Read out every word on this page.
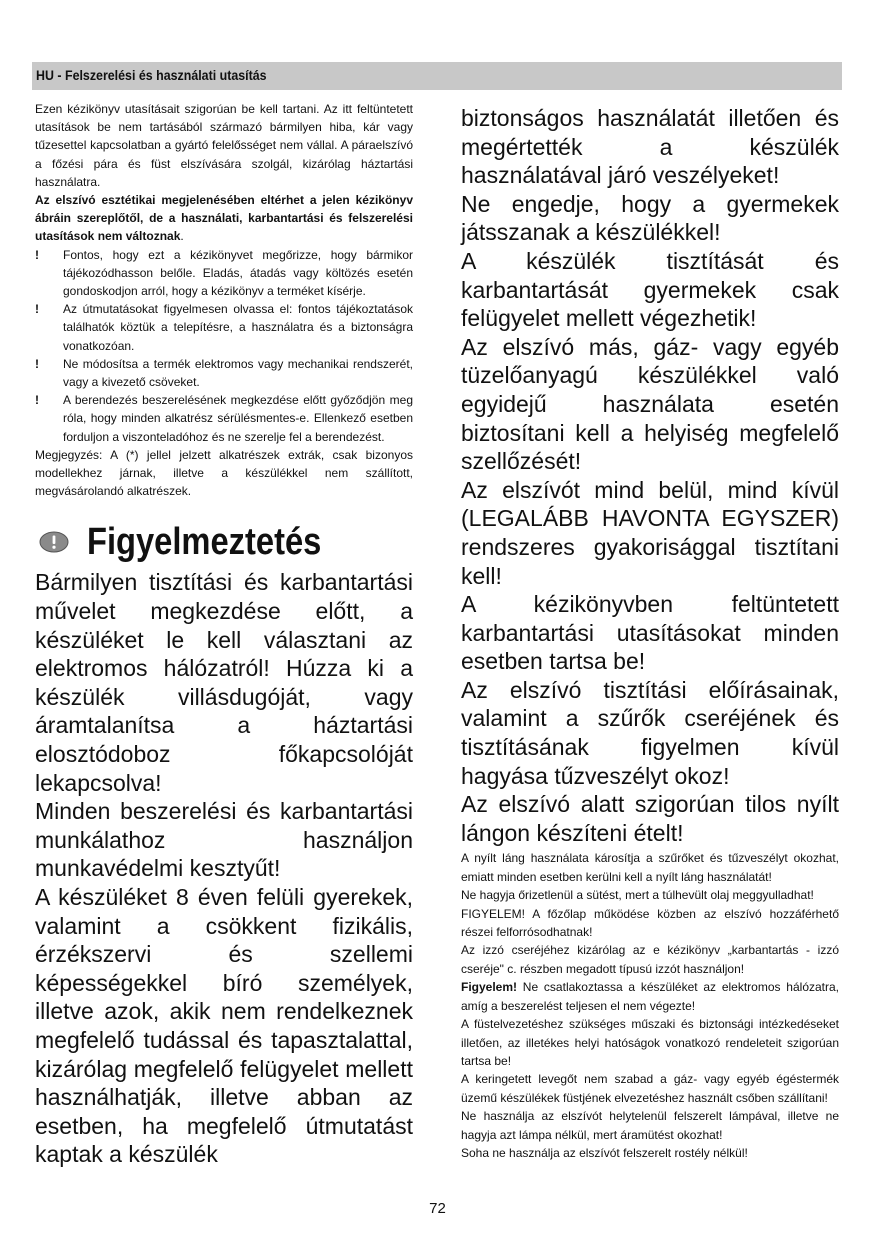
HU - Felszerelési és használati utasítás

Ezen kézikönyv utasításait szigorúan be kell tartani. Az itt feltüntetett utasítások be nem tartásából származó bármilyen hiba, kár vagy tűzesettel kapcsolatban a gyártó felelősséget nem vállal. A páraelszívó a főzési pára és füst elszívására szolgál, kizárólag háztartási használatra.

Az elszívó esztétikai megjelenésében eltérhet a jelen kézikönyv ábráin szereplőtől, de a használati, karbantartási és felszerelési utasítások nem változnak.

! Fontos, hogy ezt a kézikönyvet megőrizze, hogy bármikor tájékozódhasson belőle. Eladás, átadás vagy költözés esetén gondoskodjon arról, hogy a kézikönyv a terméket kísérje.
! Az útmutatásokat figyelmesen olvassa el: fontos tájékoztatások találhatók köztük a telepítésre, a használatra és a biztonságra vonatkozóan.
! Ne módosítsa a termék elektromos vagy mechanikai rendszerét, vagy a kivezető csöveket.
! A berendezés beszerelésének megkezdése előtt győződjön meg róla, hogy minden alkatrész sérülésmentes-e. Ellenkező esetben forduljon a viszonteladóhoz és ne szerelje fel a berendezést.

Megjegyzés: A (*) jellel jelzett alkatrészek extrák, csak bizonyos modellekhez járnak, illetve a készülékkel nem szállított, megvásárolandó alkatrészek.

Figyelmeztetés

Bármilyen tisztítási és karbantartási művelet megkezdése előtt, a készüléket le kell választani az elektromos hálózatról! Húzza ki a készülék villásdugóját, vagy áramtalanítsa a háztartási elosztódoboz főkapcsolóját lekapcsolva!

Minden beszerelési és karbantartási munkálathoz használjon munkavédelmi kesztyűt!

A készüléket 8 éven felüli gyerekek, valamint a csökkent fizikális, érzékszervi és szellemi képességekkel bíró személyek, illetve azok, akik nem rendelkeznek megfelelő tudással és tapasztalattal, kizárólag megfelelő felügyelet mellett használhatják, illetve abban az esetben, ha megfelelő útmutatást kaptak a készülék

biztonságos használatát illetően és megértették a készülék használatával járó veszélyeket!

Ne engedje, hogy a gyermekek játsszanak a készülékkel!

A készülék tisztítását és karbantartását gyermekek csak felügyelet mellett végezhetik!

Az elszívó más, gáz- vagy egyéb tüzelőanyagú készülékkel való egyidejű használata esetén biztosítani kell a helyiség megfelelő szellőzését!

Az elszívót mind belül, mind kívül (LEGALÁBB HAVONTA EGYSZER) rendszeres gyakorisággal tisztítani kell!

A kézikönyvben feltüntetett karbantartási utasításokat minden esetben tartsa be!

Az elszívó tisztítási előírásainak, valamint a szűrők cseréjének és tisztításának figyelmen kívül hagyása tűzveszélyt okoz!

Az elszívó alatt szigorúan tilos nyílt lángon készíteni ételt!

A nyílt láng használata károsítja a szűrőket és tűzveszélyt okozhat, emiatt minden esetben kerülni kell a nyílt láng használatát!

Ne hagyja őrizetlenül a sütést, mert a túlhevült olaj meggyulladhat!

FIGYELEM! A főzőlap működése közben az elszívó hozzáférhető részei felforrósodhatnak!

Az izzó cseréjéhez kizárólag az e kézikönyv „karbantartás - izzó cseréje" c. részben megadott típusú izzót használjon!

Figyelem! Ne csatlakoztassa a készüléket az elektromos hálózatra, amíg a beszerelést teljesen el nem végezte!

A füstelvezetéshez szükséges műszaki és biztonsági intézkedéseket illetően, az illetékes helyi hatóságok vonatkozó rendeleteit szigorúan tartsa be!

A keringetett levegőt nem szabad a gáz- vagy egyéb égéstermék üzemű készülékek füstjének elvezetéshez használt csőben szállítani!

Ne használja az elszívót helytelenül felszerelt lámpával, illetve ne hagyja azt lámpa nélkül, mert áramütést okozhat!

Soha ne használja az elszívót felszerelt rostély nélkül!

72
